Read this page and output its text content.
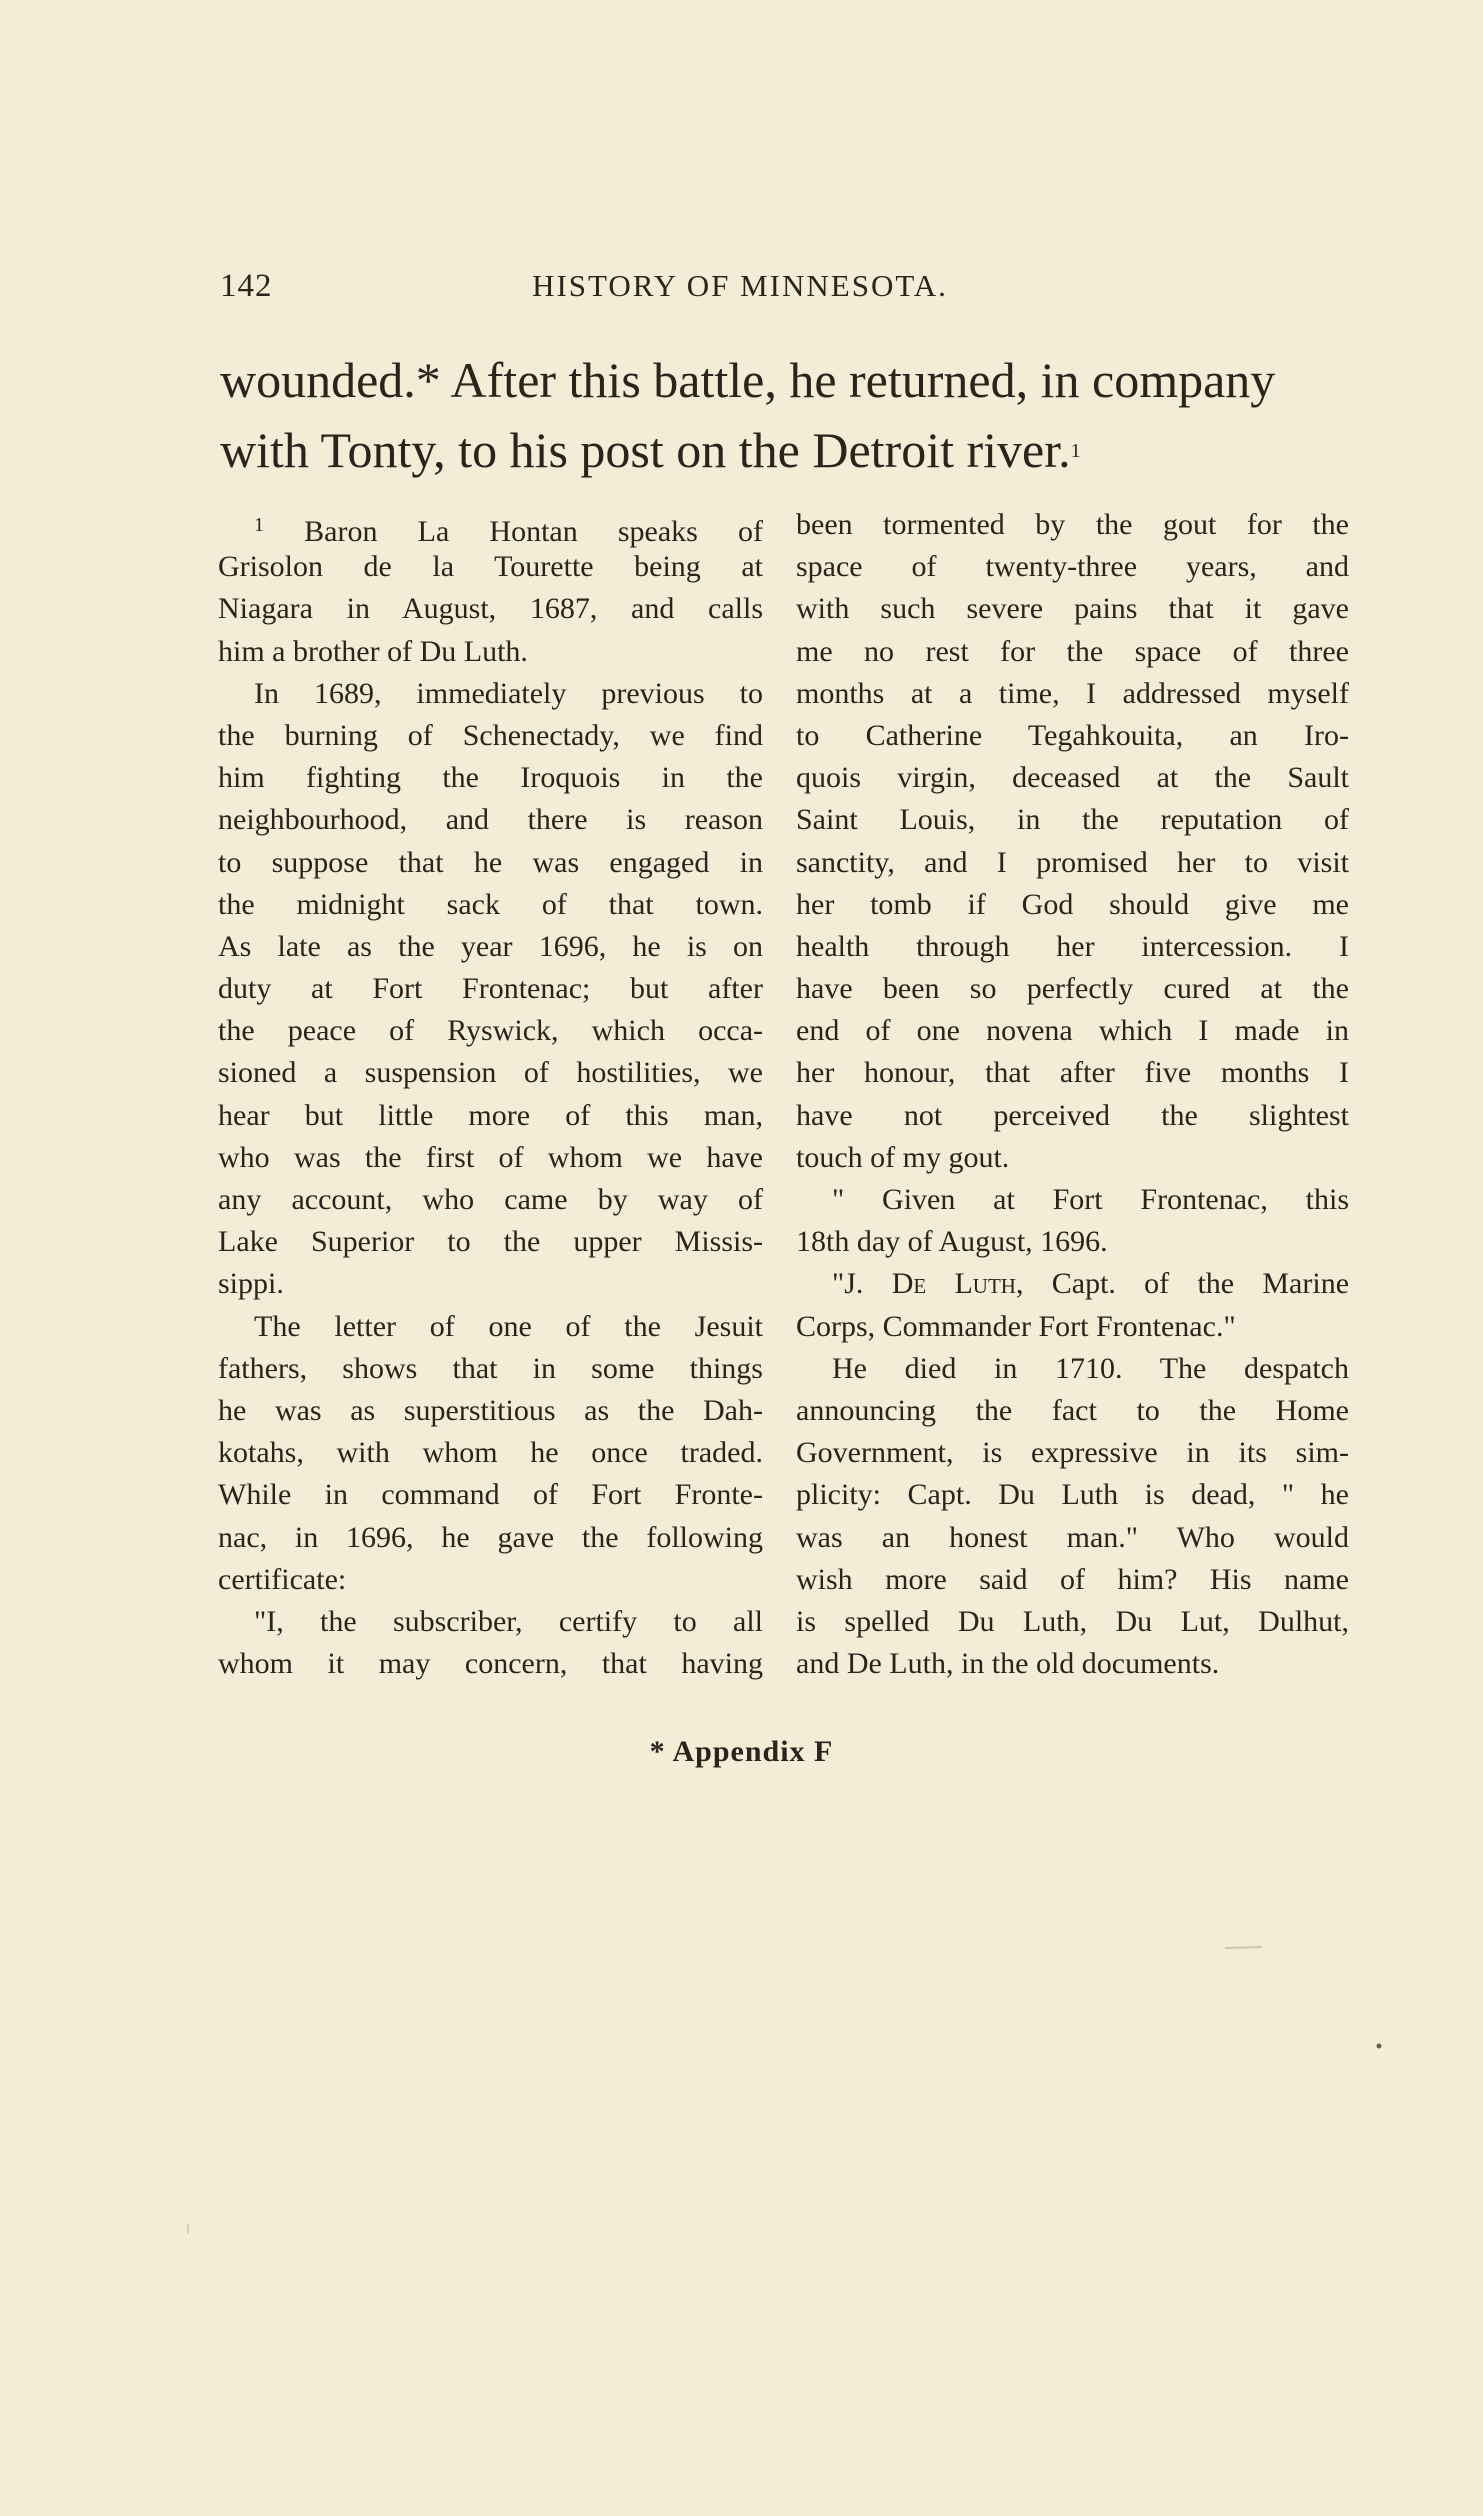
142	HISTORY OF MINNESOTA.
wounded.* After this battle, he returned, in company
with Tonty, to his post on the Detroit river.$^1$

$^1$ Baron La Hontan speaks of
Grisolon de la Tourette being at
Niagara in August, 1687, and calls
him a brother of Du Luth.

In 1689, immediately previous to
the burning of Schenectady, we find
him fighting the Iroquois in the
neighbourhood, and there is reason
to suppose that he was engaged in
the midnight sack of that town.
As late as the year 1696, he is on
duty at Fort Frontenac; but after
the peace of Ryswick, which occa-
sioned a suspension of hostilities, we
hear but little more of this man,
who was the first of whom we have
any account, who came by way of
Lake Superior to the upper Missis-
sippi.

The letter of one of the Jesuit
fathers, shows that in some things
he was as superstitious as the Dah-
kotahs, with whom he once traded.
While in command of Fort Fronte-
nac, in 1696, he gave the following
certificate:

"I, the subscriber, certify to all
whom it may concern, that having

been tormented by the gout for the
space of twenty-three years, and
with such severe pains that it gave
me no rest for the space of three
months at a time, I addressed myself
to Catherine Tegahkouita, an Iro-
quois virgin, deceased at the Sault
Saint Louis, in the reputation of
sanctity, and I promised her to visit
her tomb if God should give me
health through her intercession. I
have been so perfectly cured at the
end of one novena which I made in
her honour, that after five months I
have not perceived the slightest
touch of my gout.

" Given at Fort Frontenac, this
18th day of August, 1696.

"J. De Luth, Capt. of the Marine
Corps, Commander Fort Frontenac."

He died in 1710. The despatch
announcing the fact to the Home
Government, is expressive in its sim-
plicity: Capt. Du Luth is dead, " he
was an honest man." Who would
wish more said of him? His name
is spelled Du Luth, Du Lut, Dulhut,
and De Luth, in the old documents.

* Appendix F
